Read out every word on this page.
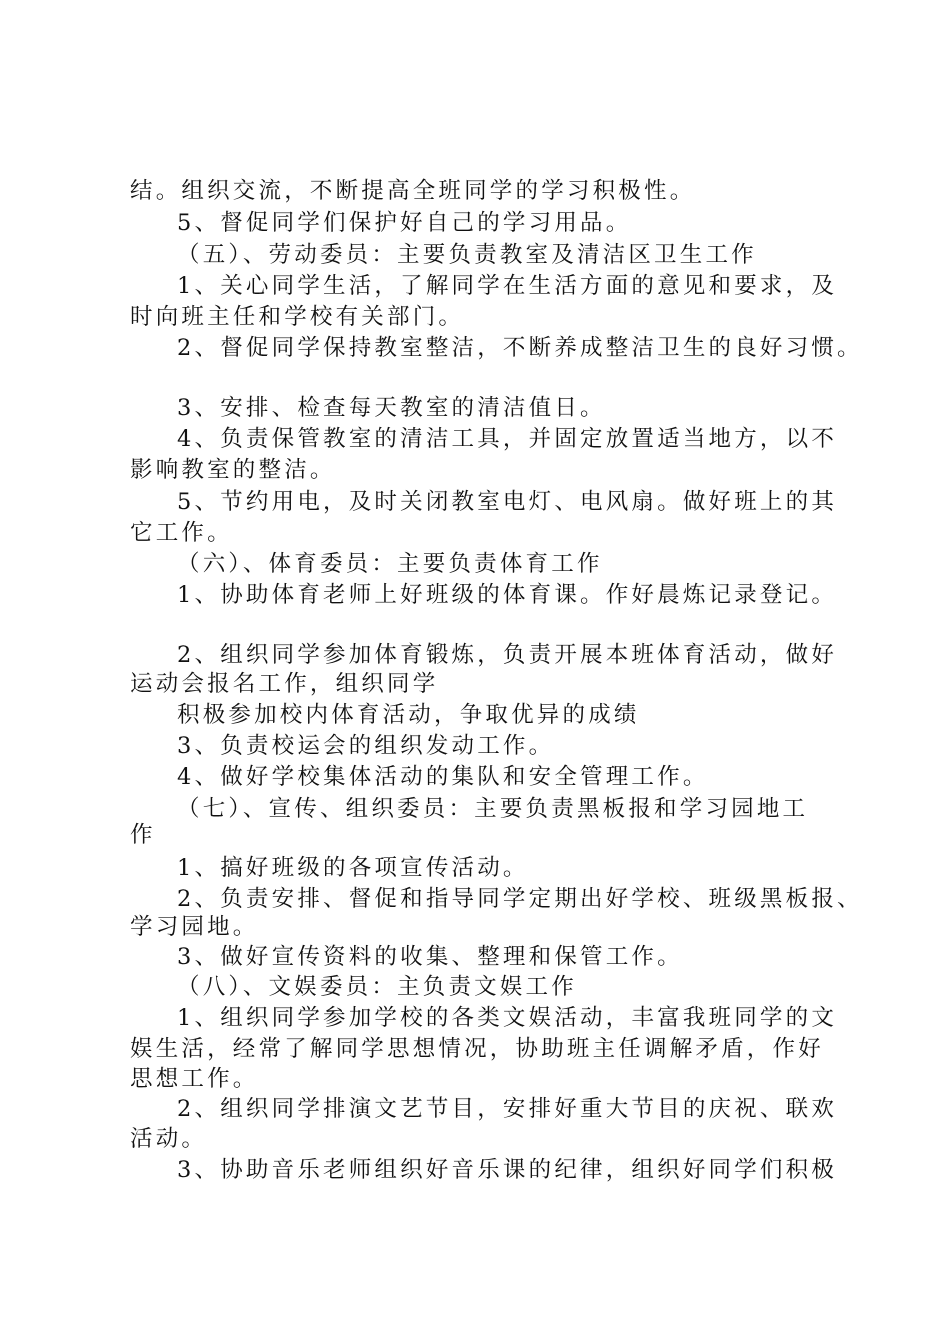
结。组织交流，不断提高全班同学的学习积极性。

5、督促同学们保护好自己的学习用品。

（五）、劳动委员：主要负责教室及清洁区卫生工作

1、关心同学生活，了解同学在生活方面的意见和要求，及

时向班主任和学校有关部门。

2、督促同学保持教室整洁，不断养成整洁卫生的良好习惯。

3、安排、检查每天教室的清洁值日。

4、负责保管教室的清洁工具，并固定放置适当地方，以不

影响教室的整洁。

5、节约用电，及时关闭教室电灯、电风扇。做好班上的其

它工作。

（六）、体育委员：主要负责体育工作

1、协助体育老师上好班级的体育课。作好晨炼记录登记。

2、组织同学参加体育锻炼，负责开展本班体育活动，做好

运动会报名工作，组织同学

积极参加校内体育活动，争取优异的成绩

3、负责校运会的组织发动工作。

4、做好学校集体活动的集队和安全管理工作。

（七）、宣传、组织委员：主要负责黑板报和学习园地工

作

1、搞好班级的各项宣传活动。

2、负责安排、督促和指导同学定期出好学校、班级黑板报、

学习园地。

3、做好宣传资料的收集、整理和保管工作。

（八）、文娱委员：主负责文娱工作

1、组织同学参加学校的各类文娱活动，丰富我班同学的文

娱生活，经常了解同学思想情况，协助班主任调解矛盾，作好

思想工作。

2、组织同学排演文艺节目，安排好重大节目的庆祝、联欢

活动。

3、协助音乐老师组织好音乐课的纪律，组织好同学们积极
